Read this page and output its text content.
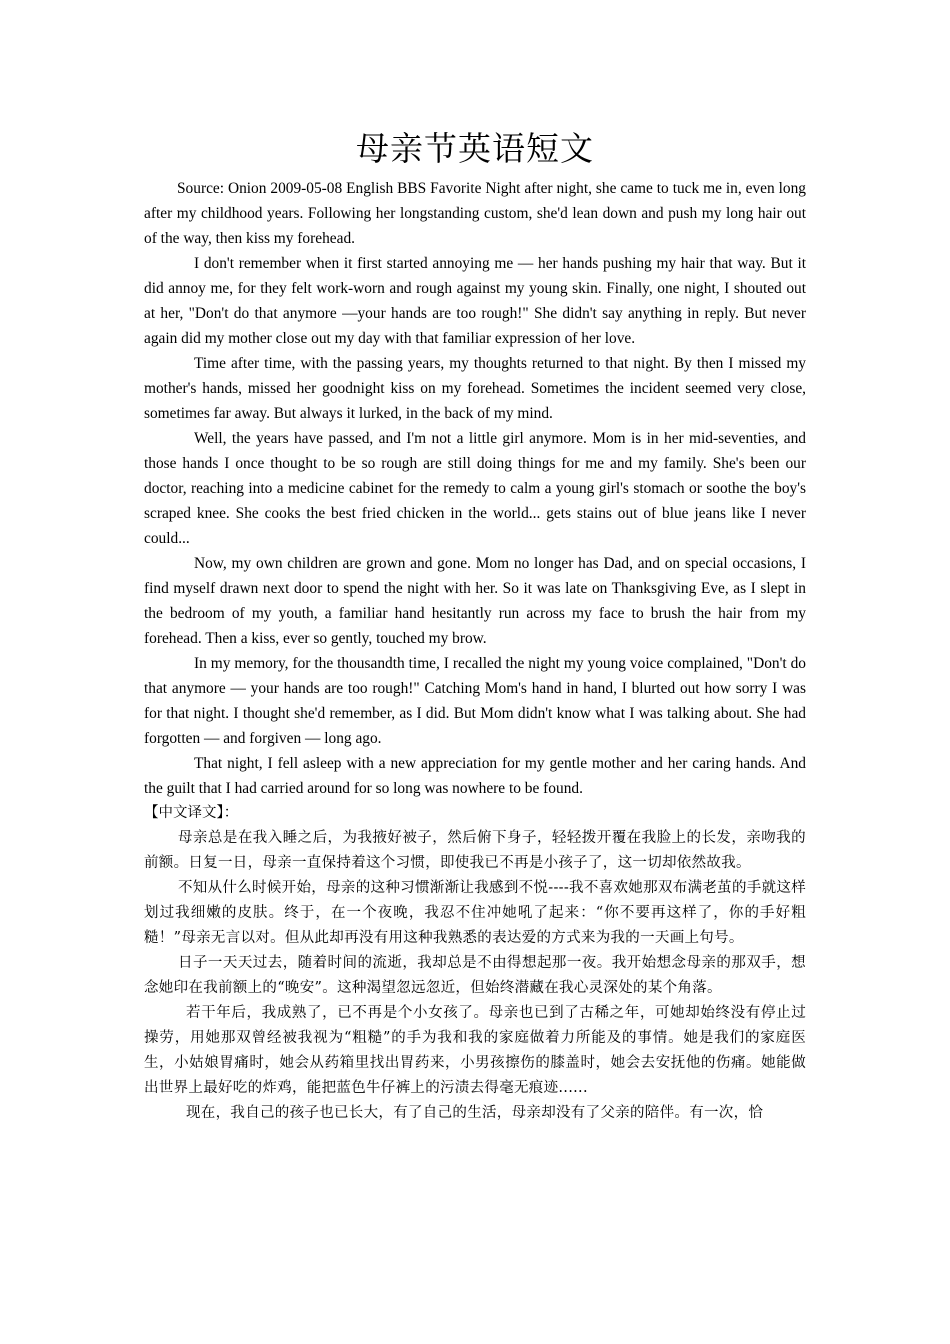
母亲节英语短文

Source: Onion 2009-05-08 English BBS Favorite Night after night, she came to tuck me in, even long after my childhood years. Following her longstanding custom, she'd lean down and push my long hair out of the way, then kiss my forehead.

I don't remember when it first started annoying me — her hands pushing my hair that way. But it did annoy me, for they felt work-worn and rough against my young skin. Finally, one night, I shouted out at her, "Don't do that anymore —your hands are too rough!" She didn't say anything in reply. But never again did my mother close out my day with that familiar expression of her love.

Time after time, with the passing years, my thoughts returned to that night. By then I missed my mother's hands, missed her goodnight kiss on my forehead. Sometimes the incident seemed very close, sometimes far away. But always it lurked, in the back of my mind.

Well, the years have passed, and I'm not a little girl anymore. Mom is in her mid-seventies, and those hands I once thought to be so rough are still doing things for me and my family. She's been our doctor, reaching into a medicine cabinet for the remedy to calm a young girl's stomach or soothe the boy's scraped knee. She cooks the best fried chicken in the world... gets stains out of blue jeans like I never could...

Now, my own children are grown and gone. Mom no longer has Dad, and on special occasions, I find myself drawn next door to spend the night with her. So it was late on Thanksgiving Eve, as I slept in the bedroom of my youth, a familiar hand hesitantly run across my face to brush the hair from my forehead. Then a kiss, ever so gently, touched my brow.

In my memory, for the thousandth time, I recalled the night my young voice complained, "Don't do that anymore — your hands are too rough!" Catching Mom's hand in hand, I blurted out how sorry I was for that night. I thought she'd remember, as I did. But Mom didn't know what I was talking about. She had forgotten — and forgiven — long ago.

That night, I fell asleep with a new appreciation for my gentle mother and her caring hands. And the guilt that I had carried around for so long was nowhere to be found.

【中文译文】：

母亲总是在我入睡之后，为我掖好被子，然后俯下身子，轻轻拨开覆在我脸上的长发，亲吻我的前额。日复一日，母亲一直保持着这个习惯，即使我已不再是小孩子了，这一切却依然故我。

不知从什么时候开始，母亲的这种习惯渐渐让我感到不悦----我不喜欢她那双布满老茧的手就这样划过我细嫩的皮肤。终于，在一个夜晚，我忍不住冲她吼了起来：“你不要再这样了，你的手好粗糙！”母亲无言以对。但从此却再没有用这种我熟悉的表达爱的方式来为我的一天画上句号。

日子一天天过去，随着时间的流逝，我却总是不由得想起那一夜。我开始想念母亲的那双手，想念她印在我前额上的“晚安”。这种渴望忽远忽近，但始终潜藏在我心灵深处的某个角落。

若干年后，我成熟了，已不再是个小女孩了。母亲也已到了古稀之年，可她却始终没有停止过操劳，用她那双曾经被我视为“粗糙”的手为我和我的家庭做着力所能及的事情。她是我们的家庭医生，小姑娘胃痛时，她会从药箱里找出胃药来，小男孩擦伤的膝盖时，她会去安抚他的伤痛。她能做出世界上最好吃的炸鸡，能把蓝色牛仔裤上的污渍去得毫无痕迹......

现在，我自己的孩子也已长大，有了自己的生活，母亲却没有了父亲的陪伴。有一次，恰
